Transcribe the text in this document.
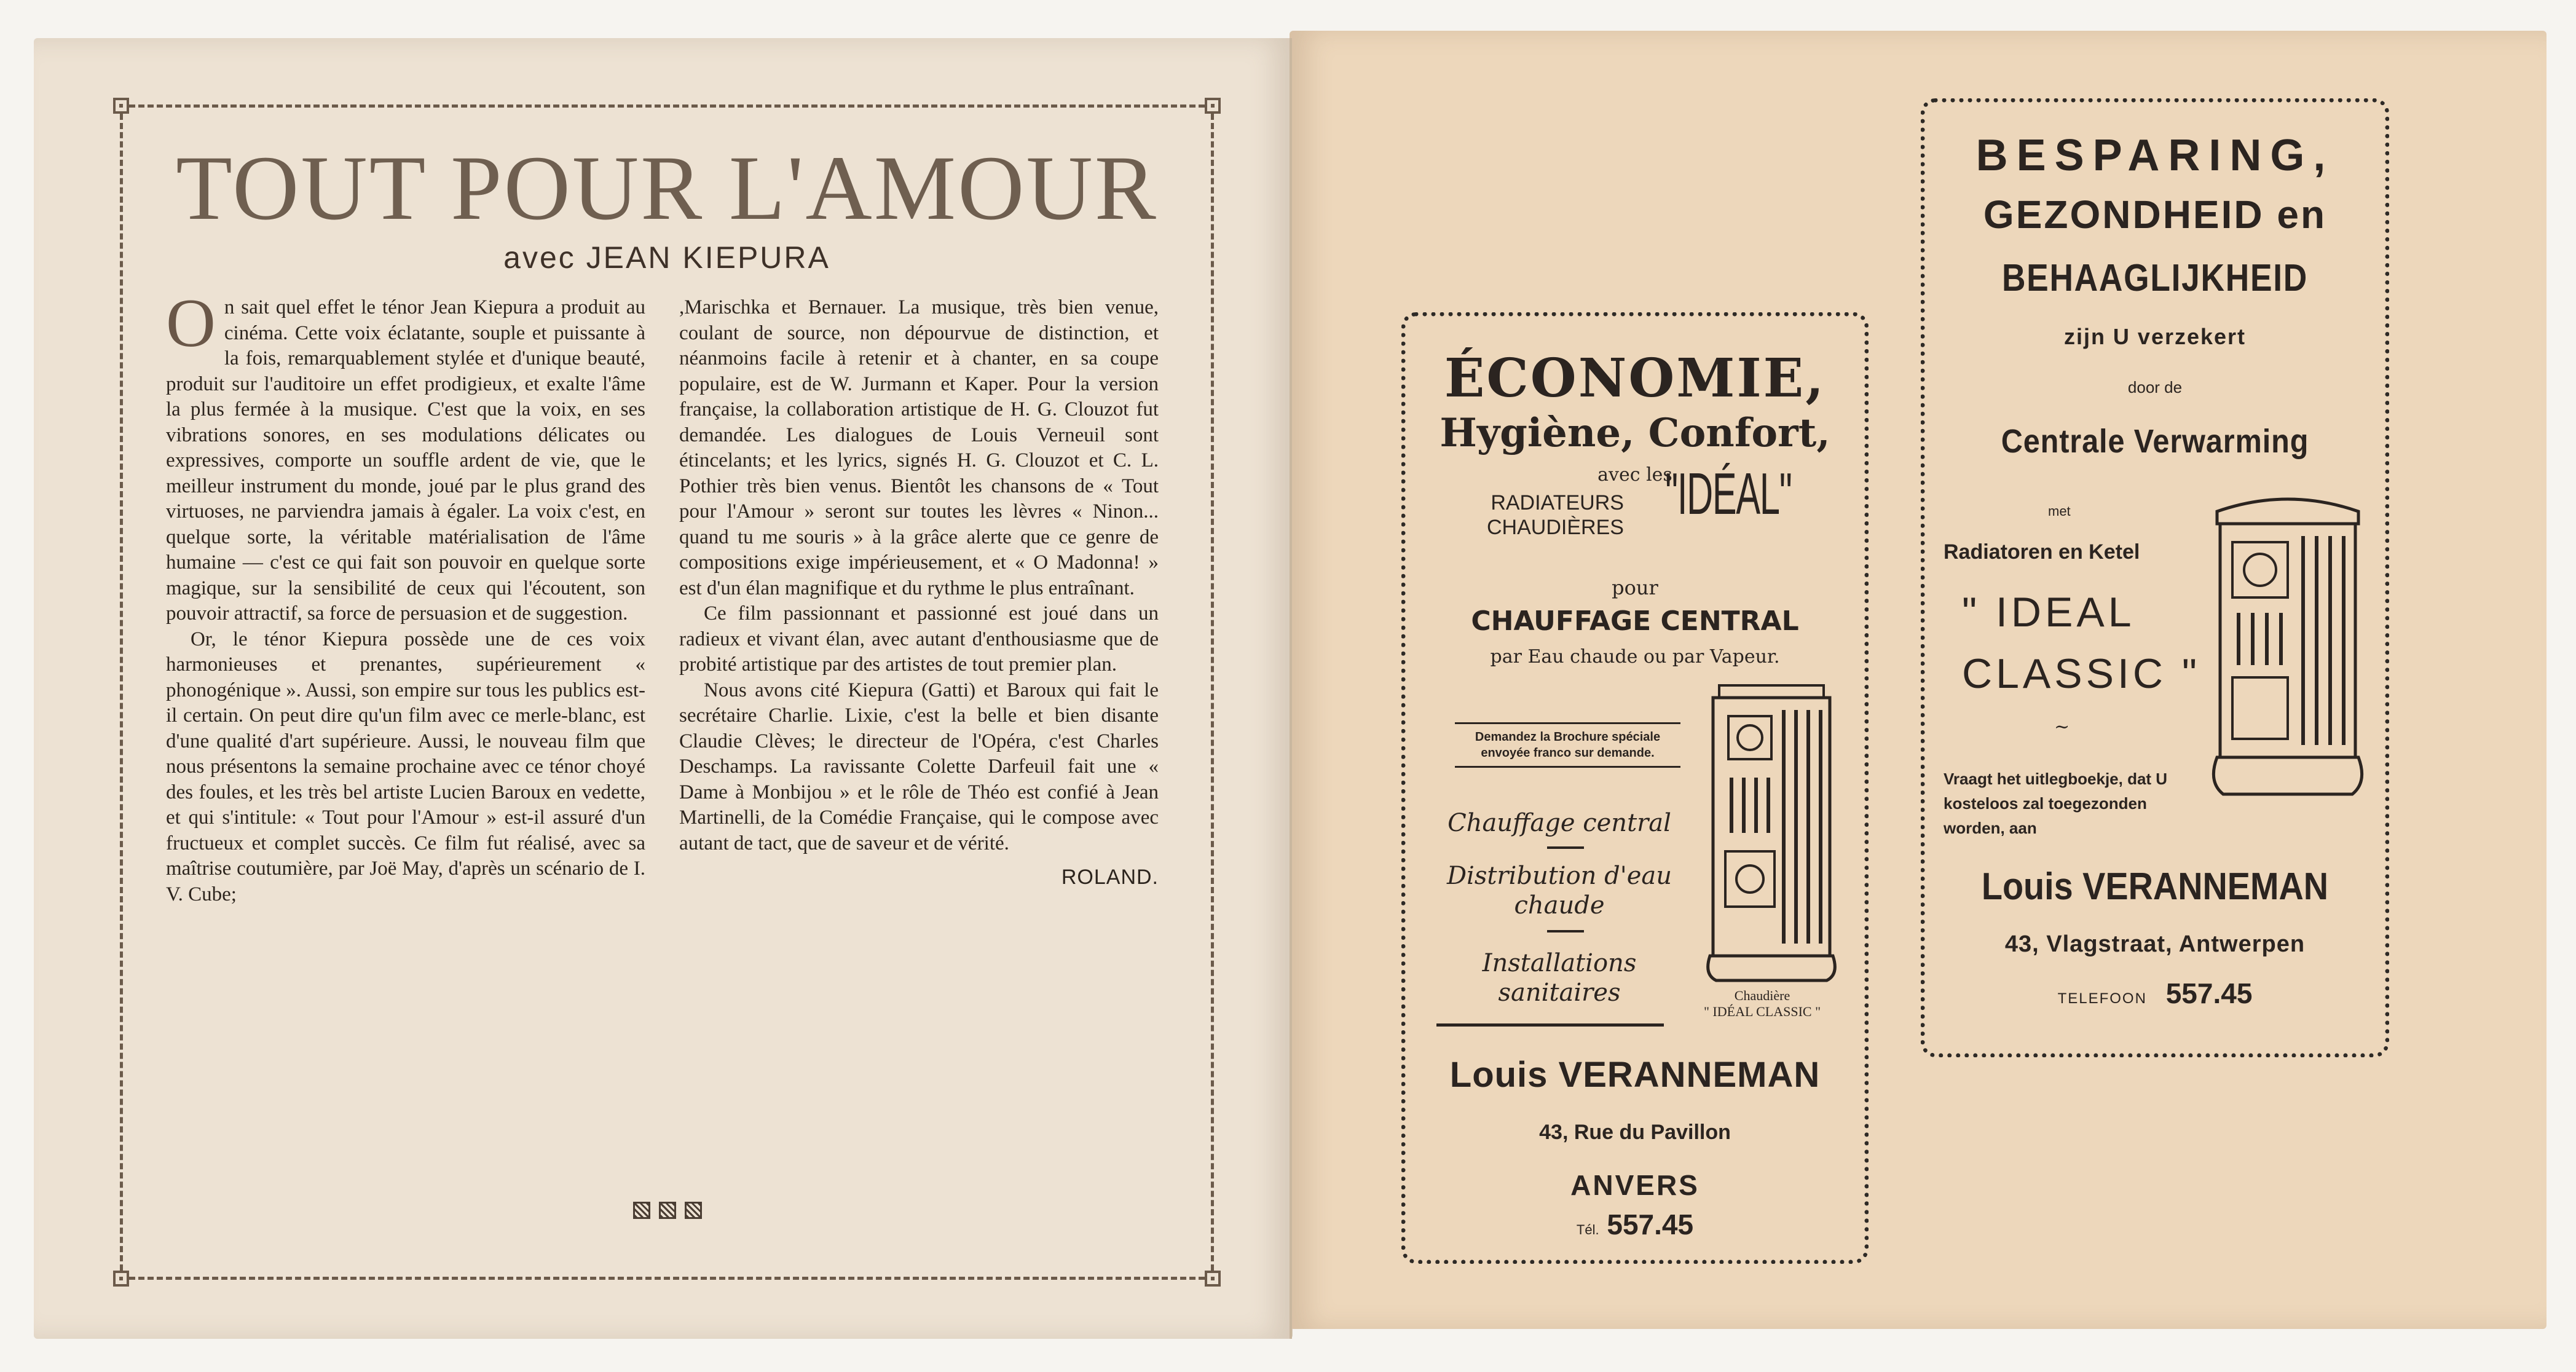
TOUT POUR L'AMOUR
avec JEAN KIEPURA

On sait quel effet le ténor Jean Kiepura a produit au cinéma. Cette voix éclatante, souple et puissante à la fois, remarquablement stylée et d'unique beauté, produit sur l'auditoire un effet prodigieux, et exalte l'âme la plus fermée à la musique. C'est que la voix, en ses vibrations sonores, en ses modulations délicates ou expressives, comporte un souffle ardent de vie, que le meilleur instrument du monde, joué par le plus grand des virtuoses, ne parviendra jamais à égaler. La voix c'est, en quelque sorte, la véritable matérialisation de l'âme humaine — c'est ce qui fait son pouvoir en quelque sorte magique, sur la sensibilité de ceux qui l'écoutent, son pouvoir attractif, sa force de persuasion et de suggestion.

Or, le ténor Kiepura possède une de ces voix harmonieuses et prenantes, supérieurement « phonogénique ». Aussi, son empire sur tous les publics est-il certain. On peut dire qu'un film avec ce merle-blanc, est d'une qualité d'art supérieure. Aussi, le nouveau film que nous présentons la semaine prochaine avec ce ténor choyé des foules, et les très bel artiste Lucien Baroux en vedette, et qui s'intitule: « Tout pour l'Amour » est-il assuré d'un fructueux et complet succès. Ce film fut réalisé, avec sa maîtrise coutumière, par Joë May, d'après un scénario de I. V. Cube;

,Marischka et Bernauer. La musique, très bien venue, coulant de source, non dépourvue de distinction, et néanmoins facile à retenir et à chanter, en sa coupe populaire, est de W. Jurmann et Kaper. Pour la version française, la collaboration artistique de H. G. Clouzot fut demandée. Les dialogues de Louis Verneuil sont étincelants; et les lyrics, signés H. G. Clouzot et C. L. Pothier très bien venus. Bientôt les chansons de « Tout pour l'Amour » seront sur toutes les lèvres « Ninon... quand tu me souris » à la grâce alerte que ce genre de compositions exige impérieusement, et « O Madonna! » est d'un élan magnifique et du rythme le plus entraînant.

Ce film passionnant et passionné est joué dans un radieux et vivant élan, avec autant d'enthousiasme que de probité artistique par des artistes de tout premier plan.

Nous avons cité Kiepura (Gatti) et Baroux qui fait le secrétaire Charlie. Lixie, c'est la belle et bien disante Claudie Clèves; le directeur de l'Opéra, c'est Charles Deschamps. La ravissante Colette Darfeuil fait une « Dame à Monbijou » et le rôle de Théo est confié à Jean Martinelli, de la Comédie Française, qui le compose avec autant de tact, que de saveur et de vérité.

ROLAND.
ÉCONOMIE,
Hygiène, Confort,
avec les
RADIATEURS
CHAUDIÈRES
"IDÉAL"
pour
CHAUFFAGE CENTRAL
par Eau chaude ou par Vapeur.
Demandez la Brochure spéciale envoyée franco sur demande.
Chauffage central
Distribution d'eau chaude
Installations sanitaires	Chaudière
" IDÉAL CLASSIC "
Louis VERANNEMAN
43, Rue du Pavillon
ANVERS
Tél. 557.45
BESPARING,
GEZONDHEID en
BEHAAGLIJKHEID
zijn U verzekert
door de
Centrale Verwarming
met
Radiatoren en Ketel
" IDEAL
CLASSIC "
~
Vraagt het uitlegboekje, dat U kosteloos zal toegezonden worden, aan
Louis VERANNEMAN
43, Vlagstraat, Antwerpen
TELEFOON 557.45
